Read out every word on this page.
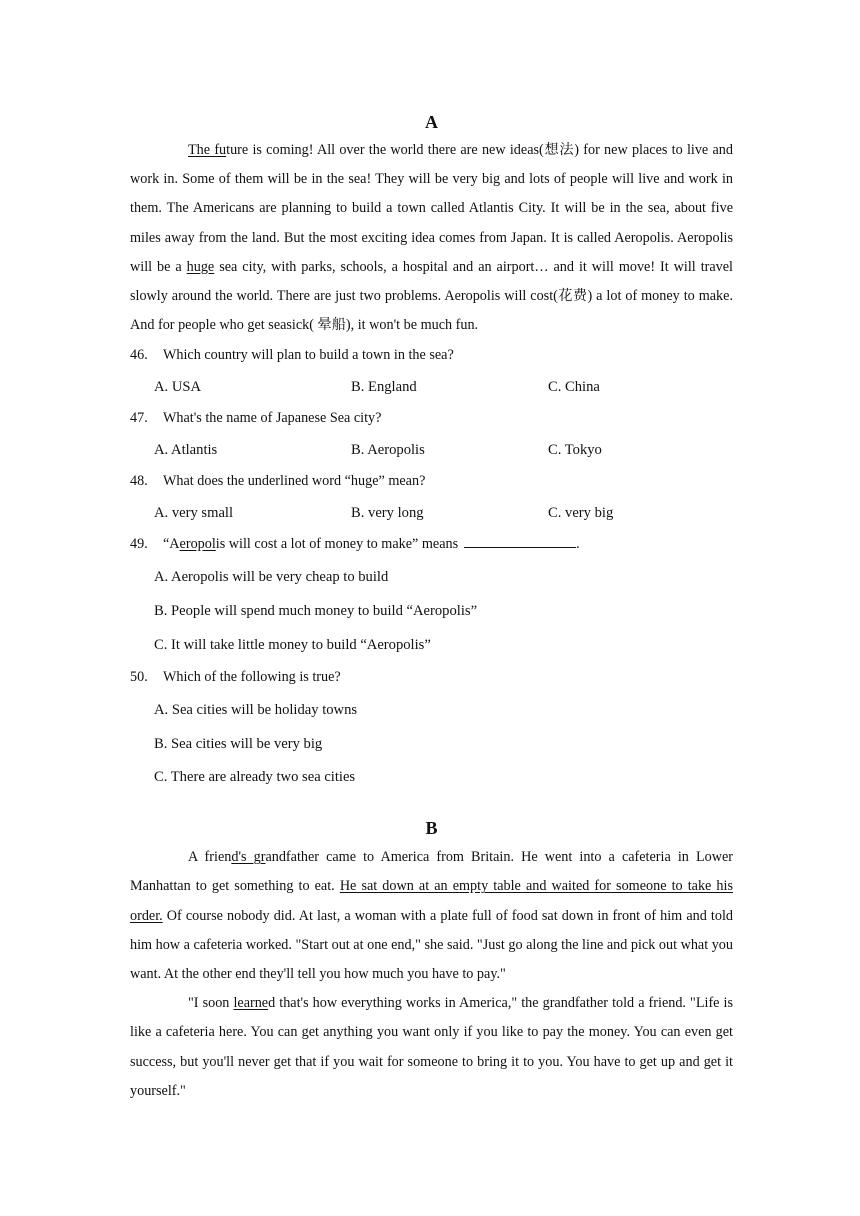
A

The future is coming! All over the world there are new ideas(想法) for new places to live and work in. Some of them will be in the sea! They will be very big and lots of people will live and work in them. The Americans are planning to build a town called Atlantis City. It will be in the sea, about five miles away from the land. But the most exciting idea comes from Japan. It is called Aeropolis. Aeropolis will be a huge sea city, with parks, schools, a hospital and an airport… and it will move! It will travel slowly around the world. There are just two problems. Aeropolis will cost(花费) a lot of money to make. And for people who get seasick( 晕船), it won't be much fun.

46. Which country will plan to build a town in the sea?

A. USA	B. England	C. China

47. What's the name of Japanese Sea city?

A. Atlantis	B. Aeropolis	C. Tokyo

48. What does the underlined word “huge” mean?

A. very small	B. very long	C. very big

49. “Aeropolis will cost a lot of money to make” means	.

A. Aeropolis will be very cheap to build

B. People will spend much money to build “Aeropolis”

C. It will take little money to build “Aeropolis”

50. Which of the following is true?

A. Sea cities will be holiday towns

B. Sea cities will be very big

C. There are already two sea cities

B

A friend's grandfather came to America from Britain. He went into a cafeteria in Lower Manhattan to get something to eat. He sat down at an empty table and waited for someone to take his order. Of course nobody did. At last, a woman with a plate full of food sat down in front of him and told him how a cafeteria worked. "Start out at one end," she said. "Just go along the line and pick out what you want. At the other end they'll tell you how much you have to pay."

"I soon learned that's how everything works in America," the grandfather told a friend. "Life is like a cafeteria here. You can get anything you want only if you like to pay the money. You can even get success, but you'll never get that if you wait for someone to bring it to you. You have to get up and get it yourself."
